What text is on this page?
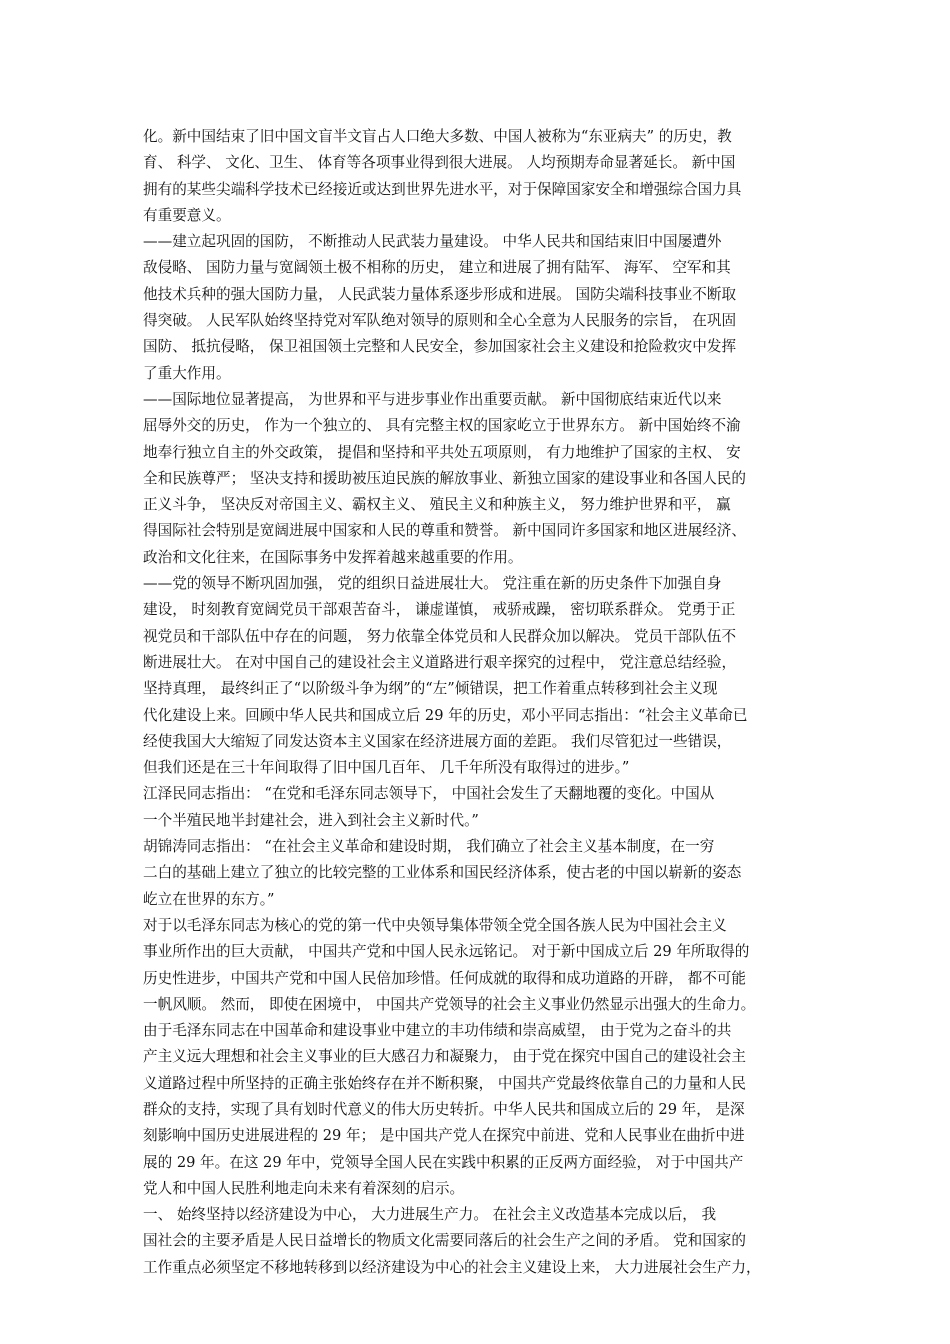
化。新中国结束了旧中国文盲半文盲占人口绝大多数、中国人被称为“东亚病夫” 的历史，教
育、 科学、 文化、卫生、 体育等各项事业得到很大进展。 人均预期寿命显著延长。 新中国
拥有的某些尖端科学技术已经接近或达到世界先进水平，对于保障国家安全和增强综合国力具
有重要意义。
——建立起巩固的国防， 不断推动人民武装力量建设。 中华人民共和国结束旧中国屡遭外
敌侵略、 国防力量与宽阔领土极不相称的历史， 建立和进展了拥有陆军、 海军、 空军和其
他技术兵种的强大国防力量， 人民武装力量体系逐步形成和进展。 国防尖端科技事业不断取
得突破。 人民军队始终坚持党对军队绝对领导的原则和全心全意为人民服务的宗旨， 在巩固
国防、 抵抗侵略， 保卫祖国领土完整和人民安全，参加国家社会主义建设和抢险救灾中发挥
了重大作用。
——国际地位显著提高， 为世界和平与进步事业作出重要贡献。 新中国彻底结束近代以来
屈辱外交的历史， 作为一个独立的、 具有完整主权的国家屹立于世界东方。 新中国始终不渝
地奉行独立自主的外交政策， 提倡和坚持和平共处五项原则， 有力地维护了国家的主权、 安
全和民族尊严； 坚决支持和援助被压迫民族的解放事业、新独立国家的建设事业和各国人民的
正义斗争， 坚决反对帝国主义、霸权主义、 殖民主义和种族主义， 努力维护世界和平， 赢
得国际社会特别是宽阔进展中国家和人民的尊重和赞誉。 新中国同许多国家和地区进展经济、
政治和文化往来，在国际事务中发挥着越来越重要的作用。
——党的领导不断巩固加强， 党的组织日益进展壮大。 党注重在新的历史条件下加强自身
建设， 时刻教育宽阔党员干部艰苦奋斗， 谦虚谨慎， 戒骄戒躁， 密切联系群众。 党勇于正
视党员和干部队伍中存在的问题， 努力依靠全体党员和人民群众加以解决。 党员干部队伍不
断进展壮大。 在对中国自己的建设社会主义道路进行艰辛探究的过程中， 党注意总结经验，
坚持真理， 最终纠正了“以阶级斗争为纲”的“左”倾错误，把工作着重点转移到社会主义现
代化建设上来。回顾中华人民共和国成立后 29 年的历史，邓小平同志指出：“社会主义革命已
经使我国大大缩短了同发达资本主义国家在经济进展方面的差距。 我们尽管犯过一些错误，
但我们还是在三十年间取得了旧中国几百年、 几千年所没有取得过的进步。”
江泽民同志指出： “在党和毛泽东同志领导下， 中国社会发生了天翻地覆的变化。中国从
一个半殖民地半封建社会，进入到社会主义新时代。”
胡锦涛同志指出： “在社会主义革命和建设时期， 我们确立了社会主义基本制度，在一穷
二白的基础上建立了独立的比较完整的工业体系和国民经济体系，使古老的中国以崭新的姿态
屹立在世界的东方。”
对于以毛泽东同志为核心的党的第一代中央领导集体带领全党全国各族人民为中国社会主义
事业所作出的巨大贡献， 中国共产党和中国人民永远铭记。 对于新中国成立后 29 年所取得的
历史性进步，中国共产党和中国人民倍加珍惜。任何成就的取得和成功道路的开辟， 都不可能
一帆风顺。 然而， 即使在困境中， 中国共产党领导的社会主义事业仍然显示出强大的生命力。
由于毛泽东同志在中国革命和建设事业中建立的丰功伟绩和崇高威望， 由于党为之奋斗的共
产主义远大理想和社会主义事业的巨大感召力和凝聚力， 由于党在探究中国自己的建设社会主
义道路过程中所坚持的正确主张始终存在并不断积聚， 中国共产党最终依靠自己的力量和人民
群众的支持，实现了具有划时代意义的伟大历史转折。中华人民共和国成立后的 29 年， 是深
刻影响中国历史进展进程的 29 年； 是中国共产党人在探究中前进、党和人民事业在曲折中进
展的 29 年。在这 29 年中，党领导全国人民在实践中积累的正反两方面经验， 对于中国共产
党人和中国人民胜利地走向未来有着深刻的启示。
一、 始终坚持以经济建设为中心， 大力进展生产力。 在社会主义改造基本完成以后， 我
国社会的主要矛盾是人民日益增长的物质文化需要同落后的社会生产之间的矛盾。 党和国家的
工作重点必须坚定不移地转移到以经济建设为中心的社会主义建设上来， 大力进展社会生产力，
